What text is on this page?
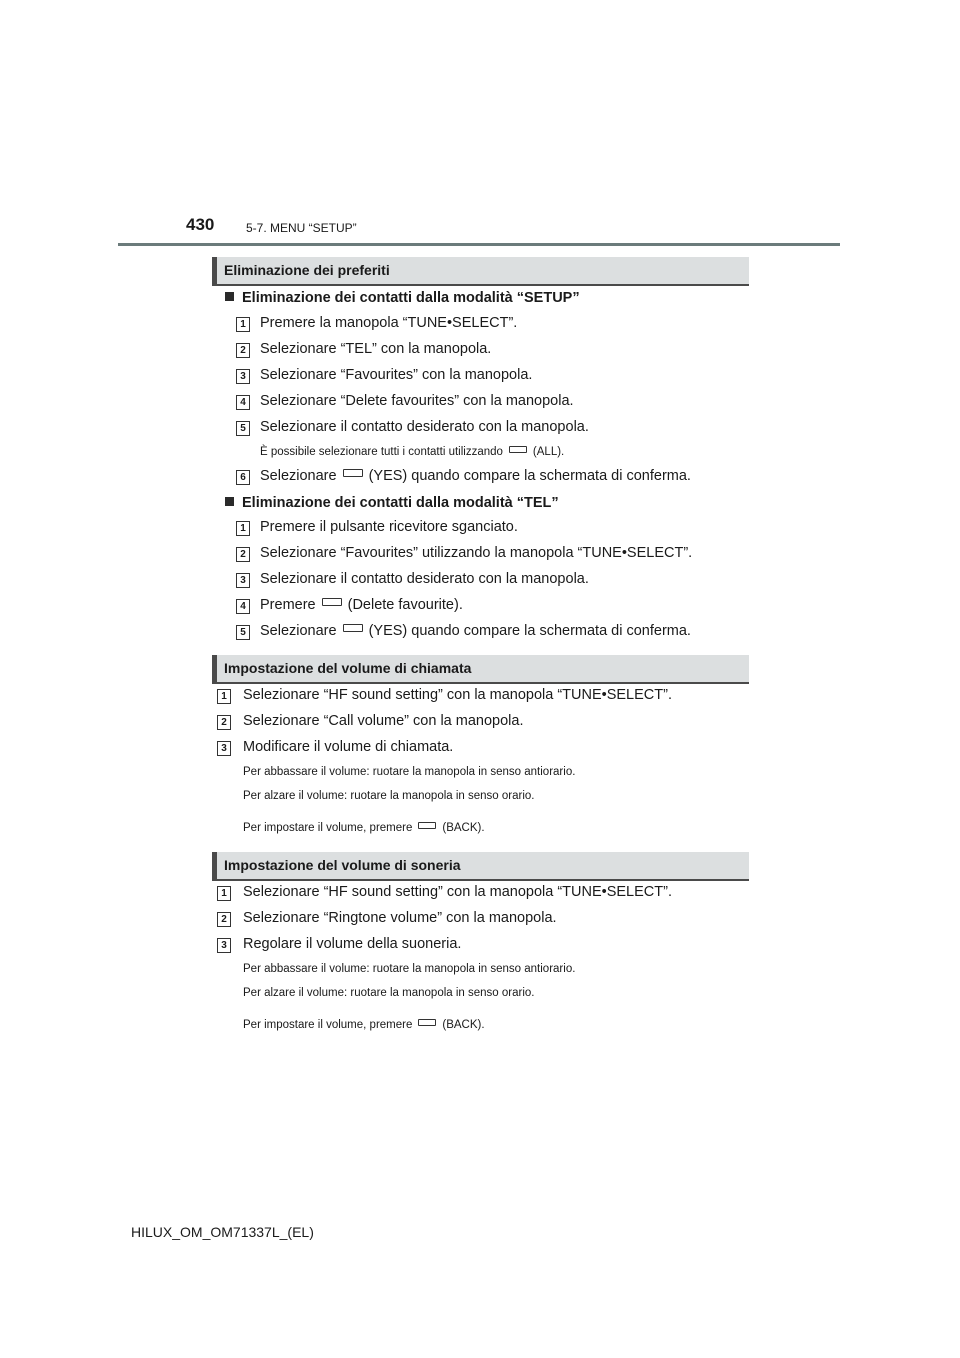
430	5-7. MENU “SETUP”
Eliminazione dei preferiti
Eliminazione dei contatti dalla modalità “SETUP”
1 Premere la manopola “TUNE•SELECT”.
2 Selezionare “TEL” con la manopola.
3 Selezionare “Favourites” con la manopola.
4 Selezionare “Delete favourites” con la manopola.
5 Selezionare il contatto desiderato con la manopola.
È possibile selezionare tutti i contatti utilizzando	(ALL).
6 Selezionare (YES) quando compare la schermata di conferma.
Eliminazione dei contatti dalla modalità “TEL”
1 Premere il pulsante ricevitore sganciato.
2 Selezionare “Favourites” utilizzando la manopola “TUNE•SELECT”.
3 Selezionare il contatto desiderato con la manopola.
4 Premere (Delete favourite).
5 Selezionare (YES) quando compare la schermata di conferma.
Impostazione del volume di chiamata
1 Selezionare “HF sound setting” con la manopola “TUNE•SELECT”.
2 Selezionare “Call volume” con la manopola.
3 Modificare il volume di chiamata.
Per abbassare il volume: ruotare la manopola in senso antiorario.
Per alzare il volume: ruotare la manopola in senso orario.
Per impostare il volume, premere	(BACK).
Impostazione del volume di soneria
1 Selezionare “HF sound setting” con la manopola “TUNE•SELECT”.
2 Selezionare “Ringtone volume” con la manopola.
3 Regolare il volume della suoneria.
Per abbassare il volume: ruotare la manopola in senso antiorario.
Per alzare il volume: ruotare la manopola in senso orario.
Per impostare il volume, premere	(BACK).
HILUX_OM_OM71337L_(EL)
